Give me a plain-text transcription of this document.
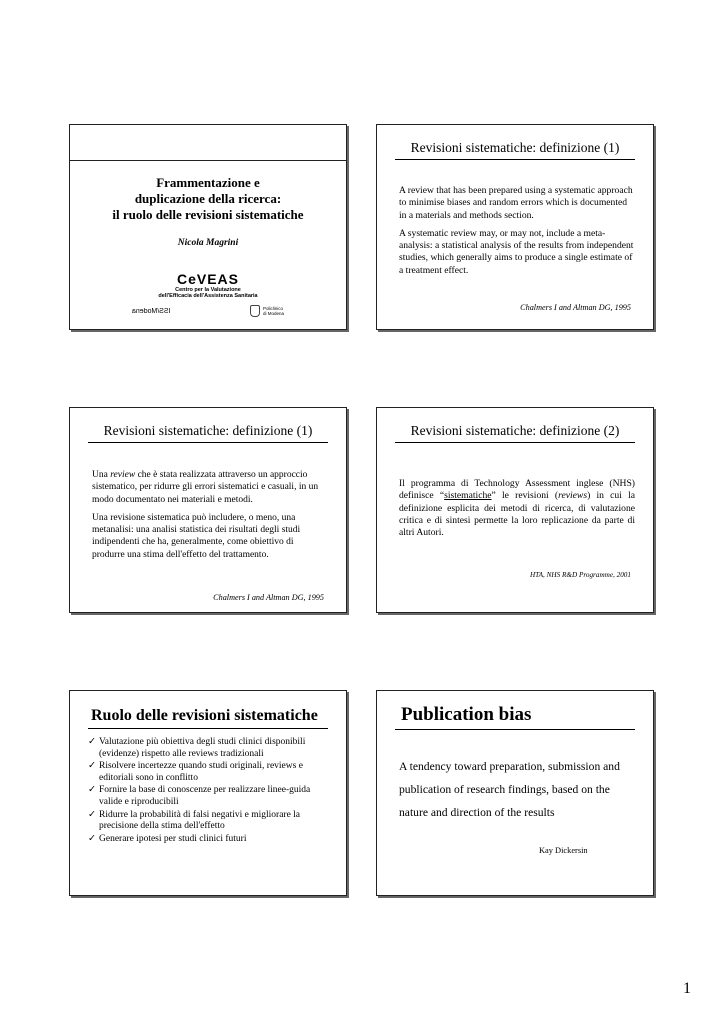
Frammentazione e
duplicazione della ricerca:
il ruolo delle revisioni sistematiche
Nicola Magrini
CeVEAS
Centro per la Valutazione
dell'Efficacia dell'Assistenza Sanitaria
ISS/Modena	Policlinico
di Modena
Revisioni sistematiche: definizione (1)

A review that has been prepared using a systematic approach to minimise biases and random errors which is documented in a materials and methods section.

A systematic review may, or may not, include a meta-analysis: a statistical analysis of the results from independent studies, which generally aims to produce a single estimate of a treatment effect.

Chalmers I and Altman DG, 1995
Revisioni sistematiche: definizione (1)

Una review che è stata realizzata attraverso un approccio sistematico, per ridurre gli errori sistematici e casuali, in un modo documentato nei materiali e metodi.

Una revisione sistematica può includere, o meno, una metanalisi: una analisi statistica dei risultati degli studi indipendenti che ha, generalmente, come obiettivo di produrre una stima dell'effetto del trattamento.

Chalmers I and Altman DG, 1995
Revisioni sistematiche: definizione (2)
Il programma di Technology Assessment inglese (NHS) definisce “sistematiche” le revisioni (reviews) in cui la definizione esplicita dei metodi di ricerca, di valutazione critica e di sintesi permette la loro replicazione da parte di altri Autori.
HTA, NHS R&D Programme, 2001
Ruolo delle revisioni sistematiche
✓ Valutazione più obiettiva degli studi clinici disponibili (evidenze) rispetto alle reviews tradizionali
✓ Risolvere incertezze quando studi originali, reviews e editoriali sono in conflitto
✓ Fornire la base di conoscenze per realizzare linee-guida valide e riproducibili
✓ Ridurre la probabilità di falsi negativi e migliorare la precisione della stima dell'effetto
✓ Generare ipotesi per studi clinici futuri
Publication bias
A tendency toward preparation, submission and publication of research findings, based on the nature and direction of the results
Kay Dickersin
1
